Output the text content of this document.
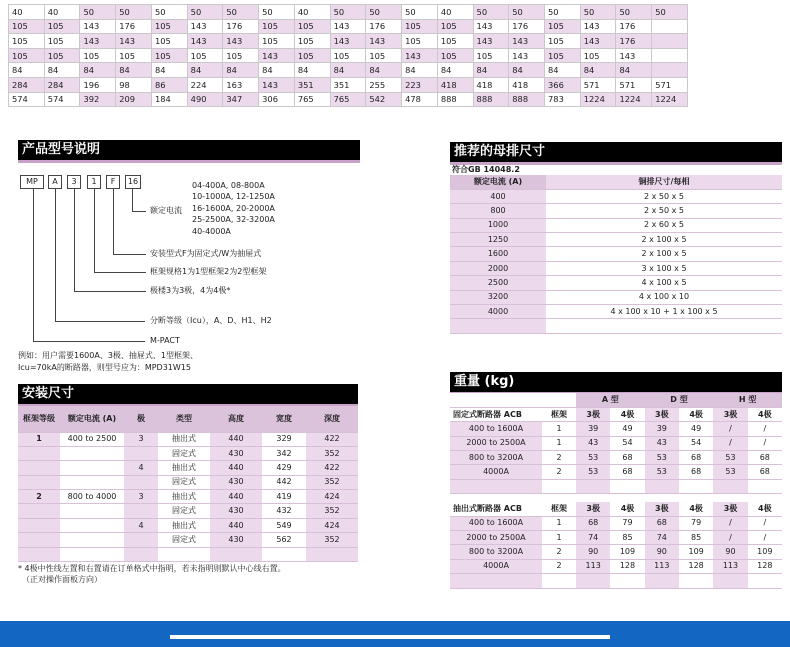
40	40	50	50	50	50	50	50	40	50	50	50	40	50	50	50	50	50	50
105	105	143	176	105	143	176	105	105	143	176	105	105	143	176	105	143	176	
105	105	143	143	105	143	143	105	105	143	143	105	105	143	143	105	143	176	
105	105	105	105	105	105	105	143	105	105	105	143	105	105	143	105	105	143	
84	84	84	84	84	84	84	84	84	84	84	84	84	84	84	84	84	84	
284	284	196	98	86	224	163	143	351	351	255	223	418	418	418	366	571	571	571
574	574	392	209	184	490	347	306	765	765	542	478	888	888	888	783	1224	1224	1224
产品型号说明
MP	A	3	1	F	16
额定电流
04-400A, 08-800A
10-1000A, 12-1250A
16-1600A, 20-2000A
25-2500A, 32-3200A
40-4000A
安装型式F为固定式/W为抽屉式
框架规格1为1型框架2为2型框架
极楼3为3极，4为4极*
分断等级（Icu），A、D、H1、H2
M-PACT
例如：用户需要1600A、3极、抽屉式、1型框架、
Icu=70kA的断路器，则型号应为：MPD31W15
推荐的母排尺寸
符合GB 14048.2
额定电流 (A)	铜排尺寸/每相
400	2 x 50 x 5
800	2 x 50 x 5
1000	2 x 60 x 5
1250	2 x 100 x 5
1600	2 x 100 x 5
2000	3 x 100 x 5
2500	4 x 100 x 5
3200	4 x 100 x 10
4000	4 x 100 x 10 + 1 x 100 x 5

安装尺寸
框架等级	额定电流 (A)	极	类型	高度	宽度	深度
1	400 to 2500	3	抽出式	440	329	422
			固定式	430	342	352
		4	抽出式	440	429	422
			固定式	430	442	352
2	800 to 4000	3	抽出式	440	419	424
			固定式	430	432	352
		4	抽出式	440	549	424
			固定式	430	562	352

* 4极中性线左置和右置请在订单格式中指明，若未指明则默认中心线右置。
（正对操作面板方向）
重量 (kg)
		A 型		D 型		H 型	
固定式断路器 ACB	框架	3极	4极	3极	4极	3极	4极
400 to 1600A	1	39	49	39	49	/	/
2000 to 2500A	1	43	54	43	54	/	/
800 to 3200A	2	53	68	53	68	53	68
4000A	2	53	68	53	68	53	68

抽出式断路器 ACB	框架	3极	4极	3极	4极	3极	4极
400 to 1600A	1	68	79	68	79	/	/
2000 to 2500A	1	74	85	74	85	/	/
800 to 3200A	2	90	109	90	109	90	109
4000A	2	113	128	113	128	113	128
